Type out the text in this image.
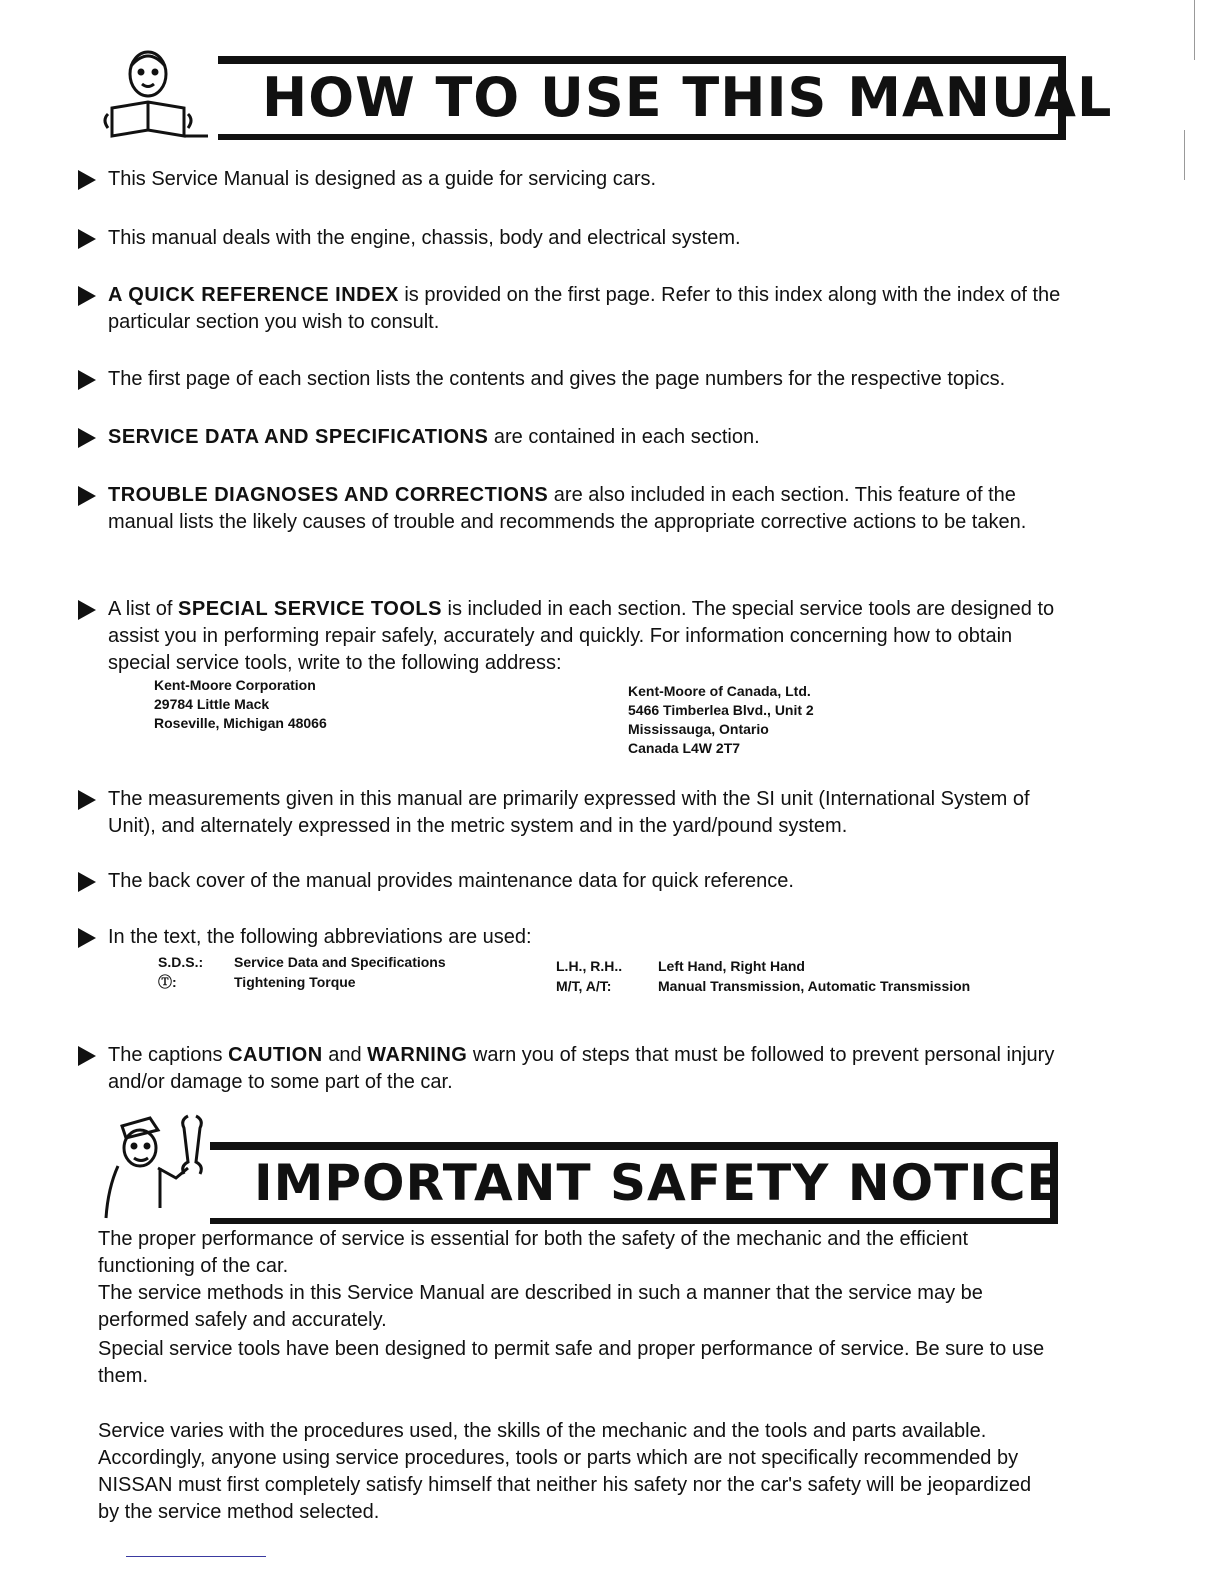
HOW TO USE THIS MANUAL
This Service Manual is designed as a guide for servicing cars.
This manual deals with the engine, chassis, body and electrical system.
A QUICK REFERENCE INDEX is provided on the first page. Refer to this index along with the index of the particular section you wish to consult.
The first page of each section lists the contents and gives the page numbers for the respective topics.
SERVICE DATA AND SPECIFICATIONS are contained in each section.
TROUBLE DIAGNOSES AND CORRECTIONS are also included in each section. This feature of the manual lists the likely causes of trouble and recommends the appropriate corrective actions to be taken.
A list of SPECIAL SERVICE TOOLS is included in each section. The special service tools are designed to assist you in performing repair safely, accurately and quickly. For information concerning how to obtain special service tools, write to the following address:
Kent-Moore Corporation
29784 Little Mack
Roseville, Michigan 48066
Kent-Moore of Canada, Ltd.
5466 Timberlea Blvd., Unit 2
Mississauga, Ontario
Canada L4W 2T7
The measurements given in this manual are primarily expressed with the SI unit (International System of Unit), and alternately expressed in the metric system and in the yard/pound system.
The back cover of the manual provides maintenance data for quick reference.
In the text, the following abbreviations are used:
S.D.S.: Service Data and Specifications	L.H., R.H..	Left Hand, Right Hand
Ⓣ:	Tightening Torque	M/T, A/T:	Manual Transmission, Automatic Transmission
The captions CAUTION and WARNING warn you of steps that must be followed to prevent personal injury and/or damage to some part of the car.
IMPORTANT SAFETY NOTICE
The proper performance of service is essential for both the safety of the mechanic and the efficient functioning of the car.
The service methods in this Service Manual are described in such a manner that the service may be performed safely and accurately.
Special service tools have been designed to permit safe and proper performance of service. Be sure to use them.
Service varies with the procedures used, the skills of the mechanic and the tools and parts available. Accordingly, anyone using service procedures, tools or parts which are not specifically recommended by NISSAN must first completely satisfy himself that neither his safety nor the car's safety will be jeopardized by the service method selected.
